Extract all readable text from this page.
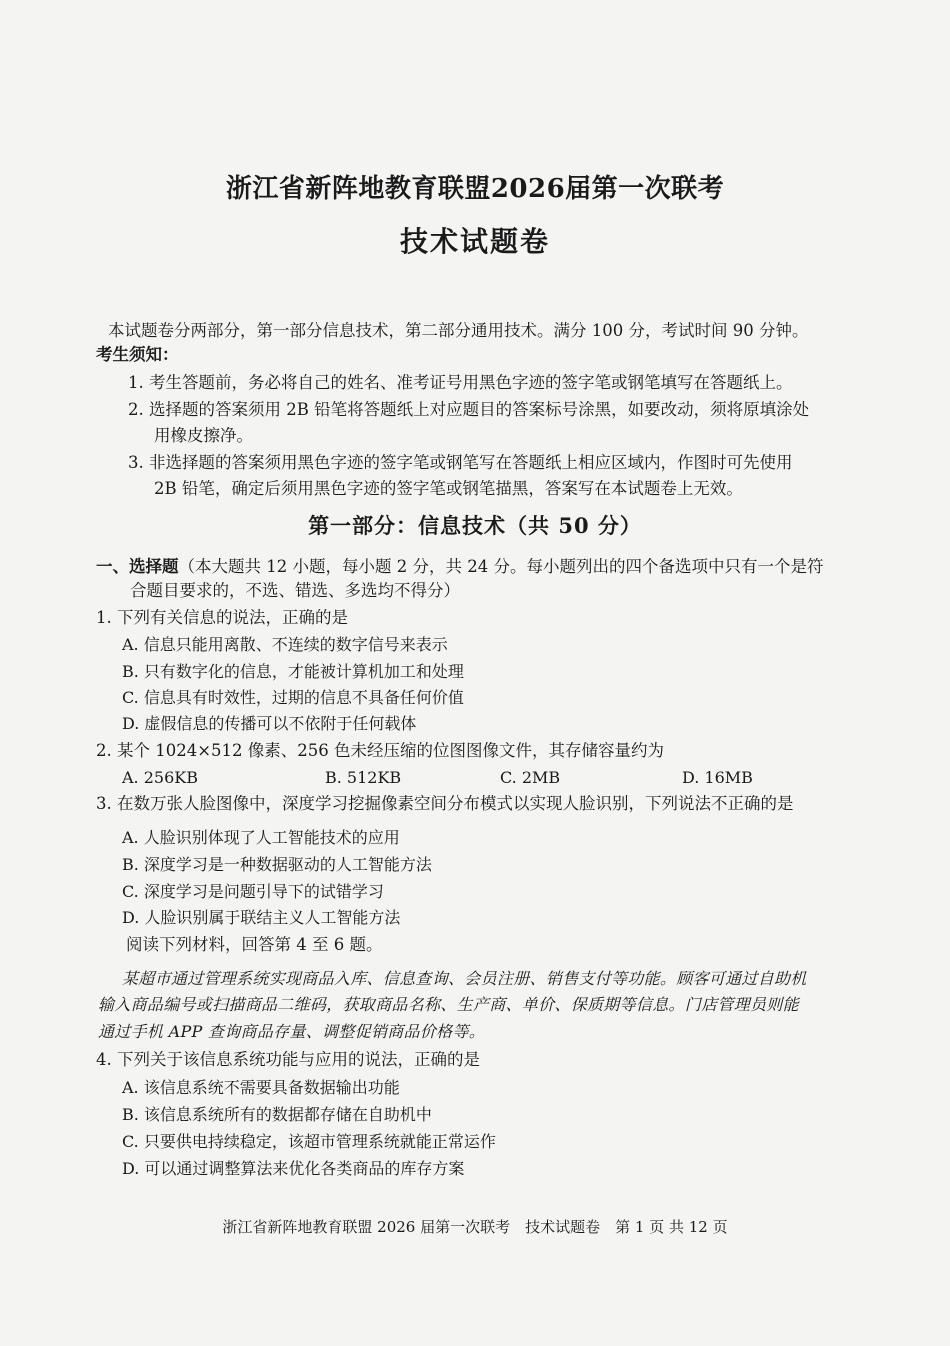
浙江省新阵地教育联盟2026届第一次联考
技术试题卷
本试题卷分两部分，第一部分信息技术，第二部分通用技术。满分 100 分，考试时间 90 分钟。
考生须知：
1. 考生答题前，务必将自己的姓名、准考证号用黑色字迹的签字笔或钢笔填写在答题纸上。
2. 选择题的答案须用 2B 铅笔将答题纸上对应题目的答案标号涂黑，如要改动，须将原填涂处
用橡皮擦净。
3. 非选择题的答案须用黑色字迹的签字笔或钢笔写在答题纸上相应区域内，作图时可先使用
2B 铅笔，确定后须用黑色字迹的签字笔或钢笔描黑，答案写在本试题卷上无效。
第一部分：信息技术（共 50 分）
一、选择题（本大题共 12 小题，每小题 2 分，共 24 分。每小题列出的四个备选项中只有一个是符
合题目要求的，不选、错选、多选均不得分）
1. 下列有关信息的说法，正确的是
A. 信息只能用离散、不连续的数字信号来表示
B. 只有数字化的信息，才能被计算机加工和处理
C. 信息具有时效性，过期的信息不具备任何价值
D. 虚假信息的传播可以不依附于任何载体
2. 某个 1024×512 像素、256 色未经压缩的位图图像文件，其存储容量约为
A. 256KB	B. 512KB	C. 2MB	D. 16MB
3. 在数万张人脸图像中，深度学习挖掘像素空间分布模式以实现人脸识别，下列说法不正确的是
A. 人脸识别体现了人工智能技术的应用
B. 深度学习是一种数据驱动的人工智能方法
C. 深度学习是问题引导下的试错学习
D. 人脸识别属于联结主义人工智能方法
阅读下列材料，回答第 4 至 6 题。
某超市通过管理系统实现商品入库、信息查询、会员注册、销售支付等功能。顾客可通过自助机
输入商品编号或扫描商品二维码，获取商品名称、生产商、单价、保质期等信息。门店管理员则能
通过手机 APP 查询商品存量、调整促销商品价格等。
4. 下列关于该信息系统功能与应用的说法，正确的是
A. 该信息系统不需要具备数据输出功能
B. 该信息系统所有的数据都存储在自助机中
C. 只要供电持续稳定，该超市管理系统就能正常运作
D. 可以通过调整算法来优化各类商品的库存方案
浙江省新阵地教育联盟 2026 届第一次联考　技术试题卷　第 1 页 共 12 页
